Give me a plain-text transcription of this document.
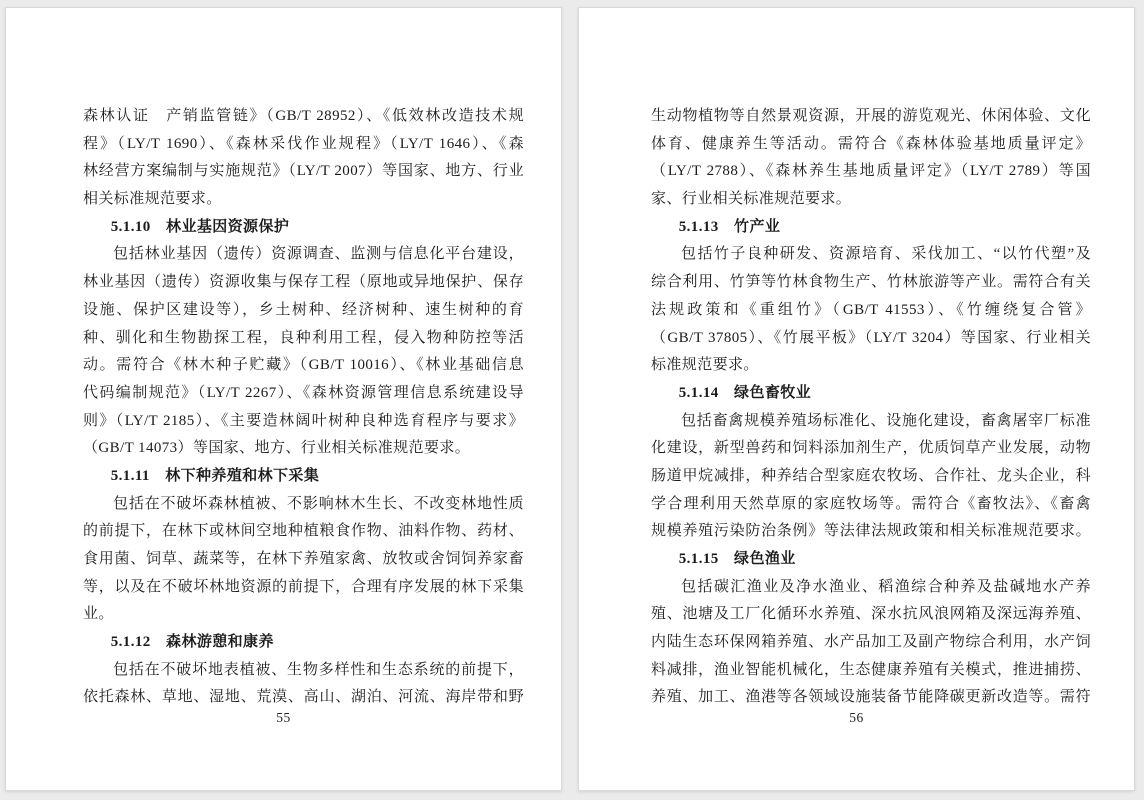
森林认证　产销监管链》（GB/T 28952）、《低效林改造技术规
程》（LY/T 1690）、《森林采伐作业规程》（LY/T 1646）、《森
林经营方案编制与实施规范》（LY/T 2007）等国家、地方、行业
相关标准规范要求。
5.1.10　林业基因资源保护
包括林业基因（遗传）资源调查、监测与信息化平台建设，
林业基因（遗传）资源收集与保存工程（原地或异地保护、保存
设施、保护区建设等），乡土树种、经济树种、速生树种的育
种、驯化和生物勘探工程，良种利用工程，侵入物种防控等活
动。需符合《林木种子贮藏》（GB/T 10016）、《林业基础信息
代码编制规范》（LY/T 2267）、《森林资源管理信息系统建设导
则》（LY/T 2185）、《主要造林阔叶树种良种选育程序与要求》
（GB/T 14073）等国家、地方、行业相关标准规范要求。
5.1.11　林下种养殖和林下采集
包括在不破坏森林植被、不影响林木生长、不改变林地性质
的前提下，在林下或林间空地种植粮食作物、油料作物、药材、
食用菌、饲草、蔬菜等，在林下养殖家禽、放牧或舍饲饲养家畜
等，以及在不破坏林地资源的前提下，合理有序发展的林下采集
业。
5.1.12　森林游憩和康养
包括在不破坏地表植被、生物多样性和生态系统的前提下，
依托森林、草地、湿地、荒漠、高山、湖泊、河流、海岸带和野
55
生动物植物等自然景观资源，开展的游览观光、休闲体验、文化
体育、健康养生等活动。需符合《森林体验基地质量评定》
（LY/T 2788）、《森林养生基地质量评定》（LY/T 2789）等国
家、行业相关标准规范要求。
5.1.13　竹产业
包括竹子良种研发、资源培育、采伐加工、“以竹代塑”及
综合利用、竹笋等竹林食物生产、竹林旅游等产业。需符合有关
法规政策和《重组竹》（GB/T 41553）、《竹缠绕复合管》
（GB/T 37805）、《竹展平板》（LY/T 3204）等国家、行业相关
标准规范要求。
5.1.14　绿色畜牧业
包括畜禽规模养殖场标准化、设施化建设，畜禽屠宰厂标准
化建设，新型兽药和饲料添加剂生产，优质饲草产业发展，动物
肠道甲烷减排，种养结合型家庭农牧场、合作社、龙头企业，科
学合理利用天然草原的家庭牧场等。需符合《畜牧法》、《畜禽
规模养殖污染防治条例》等法律法规政策和相关标准规范要求。
5.1.15　绿色渔业
包括碳汇渔业及净水渔业、稻渔综合种养及盐碱地水产养
殖、池塘及工厂化循环水养殖、深水抗风浪网箱及深远海养殖、
内陆生态环保网箱养殖、水产品加工及副产物综合利用，水产饲
料减排，渔业智能机械化，生态健康养殖有关模式，推进捕捞、
养殖、加工、渔港等各领域设施装备节能降碳更新改造等。需符
56
